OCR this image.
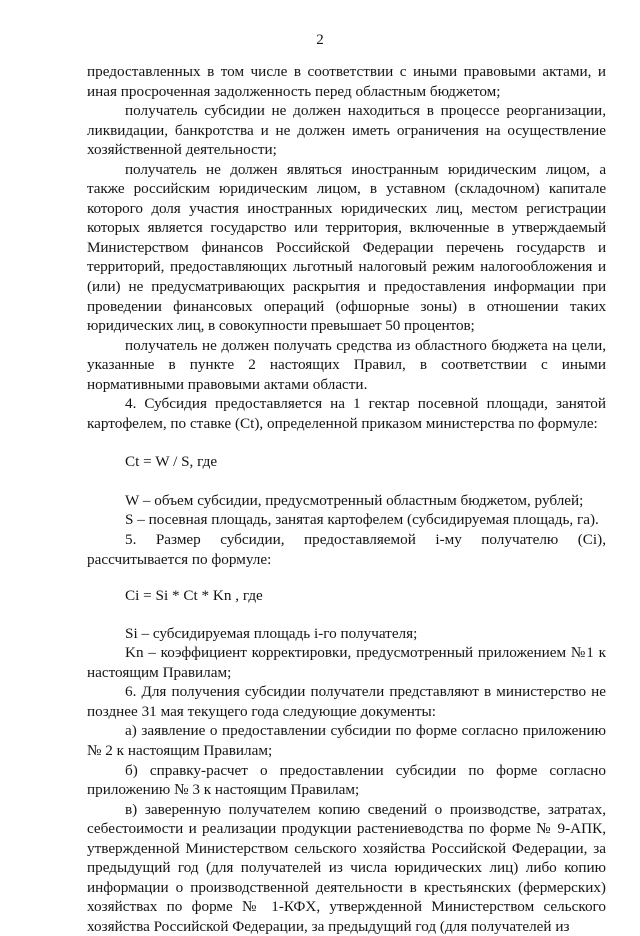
2

предоставленных в том числе в соответствии с иными правовыми актами, и иная просроченная задолженность перед областным бюджетом;

получатель субсидии не должен находиться в процессе реорганизации, ликвидации, банкротства и не должен иметь ограничения на осуществление хозяйственной деятельности;

получатель не должен являться иностранным юридическим лицом, а также российским юридическим лицом, в уставном (складочном) капитале которого доля участия иностранных юридических лиц, местом регистрации которых является государство или территория, включенные в утверждаемый Министерством финансов Российской Федерации перечень государств и территорий, предоставляющих льготный налоговый режим налогообложения и (или) не предусматривающих раскрытия и предоставления информации при проведении финансовых операций (офшорные зоны) в отношении таких юридических лиц, в совокупности превышает 50 процентов;

получатель не должен получать средства из областного бюджета на цели, указанные в пункте 2 настоящих Правил, в соответствии с иными нормативными правовыми актами области.

4. Субсидия предоставляется на 1 гектар посевной площади, занятой картофелем, по ставке (Ct), определенной приказом министерства по формуле:

Ct = W / S, где

W – объем субсидии, предусмотренный областным бюджетом, рублей;

S – посевная площадь, занятая картофелем (субсидируемая площадь, га).

5. Размер субсидии, предоставляемой i-му получателю (Ci), рассчитывается по формуле:

Ci = Si * Ct * Kn , где

Si – субсидируемая площадь i-го получателя;

Kn – коэффициент корректировки, предусмотренный приложением №1 к настоящим Правилам;

6. Для получения субсидии получатели представляют в министерство не позднее 31 мая текущего года следующие документы:

а) заявление о предоставлении субсидии по форме согласно приложению № 2 к настоящим Правилам;

б) справку-расчет о предоставлении субсидии по форме согласно приложению № 3 к настоящим Правилам;

в) заверенную получателем копию сведений о производстве, затратах, себестоимости и реализации продукции растениеводства по форме № 9-АПК, утвержденной Министерством сельского хозяйства Российской Федерации, за предыдущий год (для получателей из числа юридических лиц) либо копию информации о производственной деятельности в крестьянских (фермерских) хозяйствах по форме № 1-КФХ, утвержденной Министерством сельского хозяйства Российской Федерации, за предыдущий год (для получателей из
